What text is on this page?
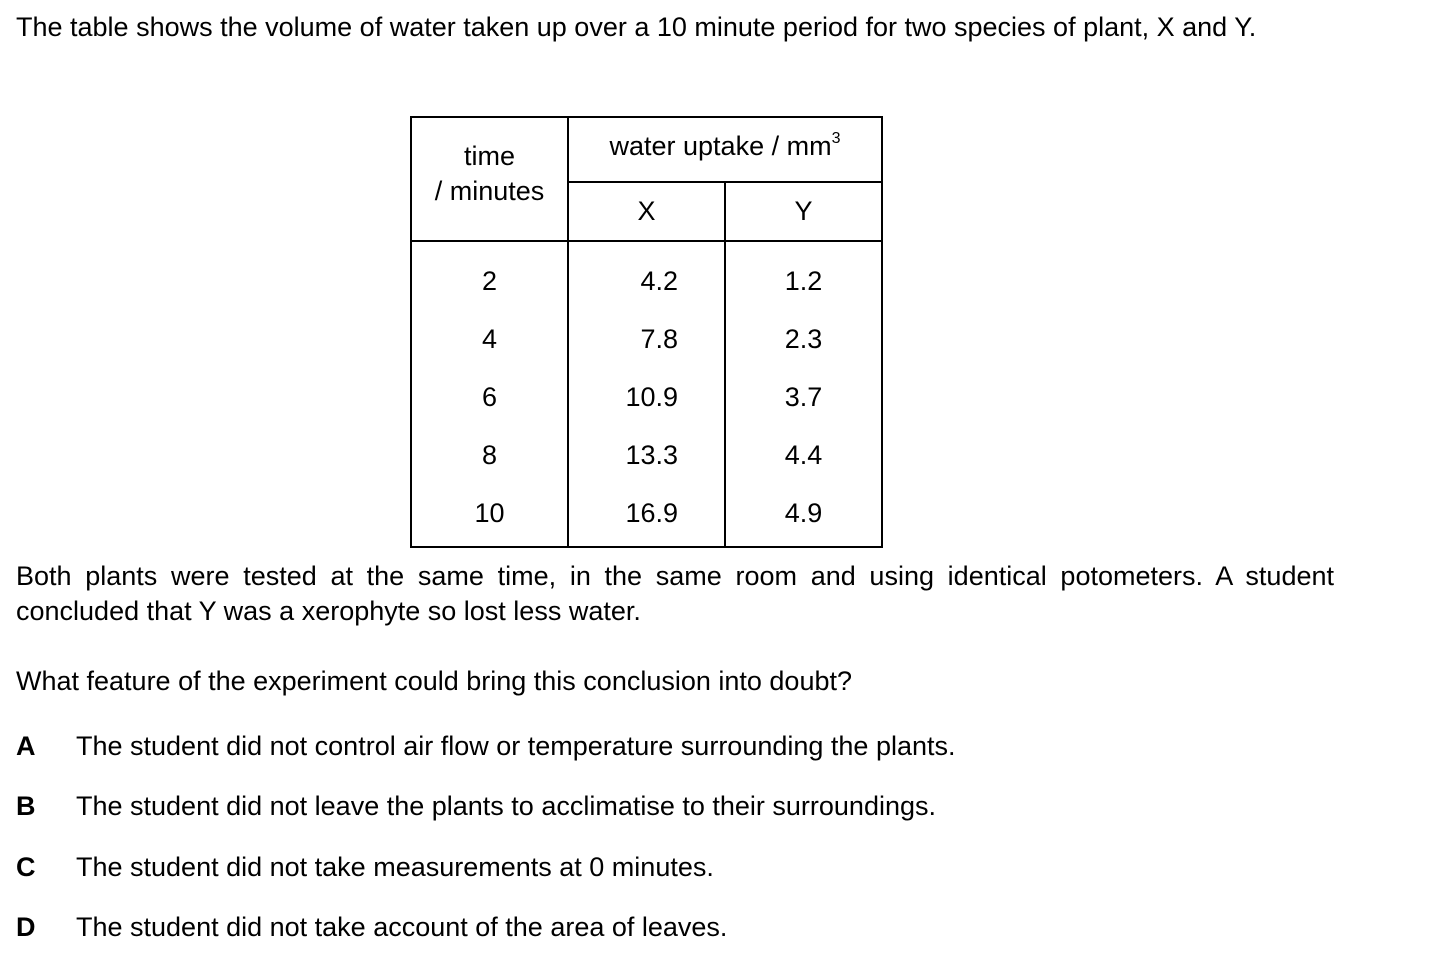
The table shows the volume of water taken up over a 10 minute period for two species of plant, X and Y.

time
/ minutes	water uptake / $mm^3$
	X	Y
2	4.2	1.2
4	7.8	2.3
6	10.9	3.7
8	13.3	4.4
10	16.9	4.9

Both plants were tested at the same time, in the same room and using identical potometers. A student concluded that Y was a xerophyte so lost less water.

What feature of the experiment could bring this conclusion into doubt?

A The student did not control air flow or temperature surrounding the plants.
B The student did not leave the plants to acclimatise to their surroundings.
C The student did not take measurements at 0 minutes.
D The student did not take account of the area of leaves.
